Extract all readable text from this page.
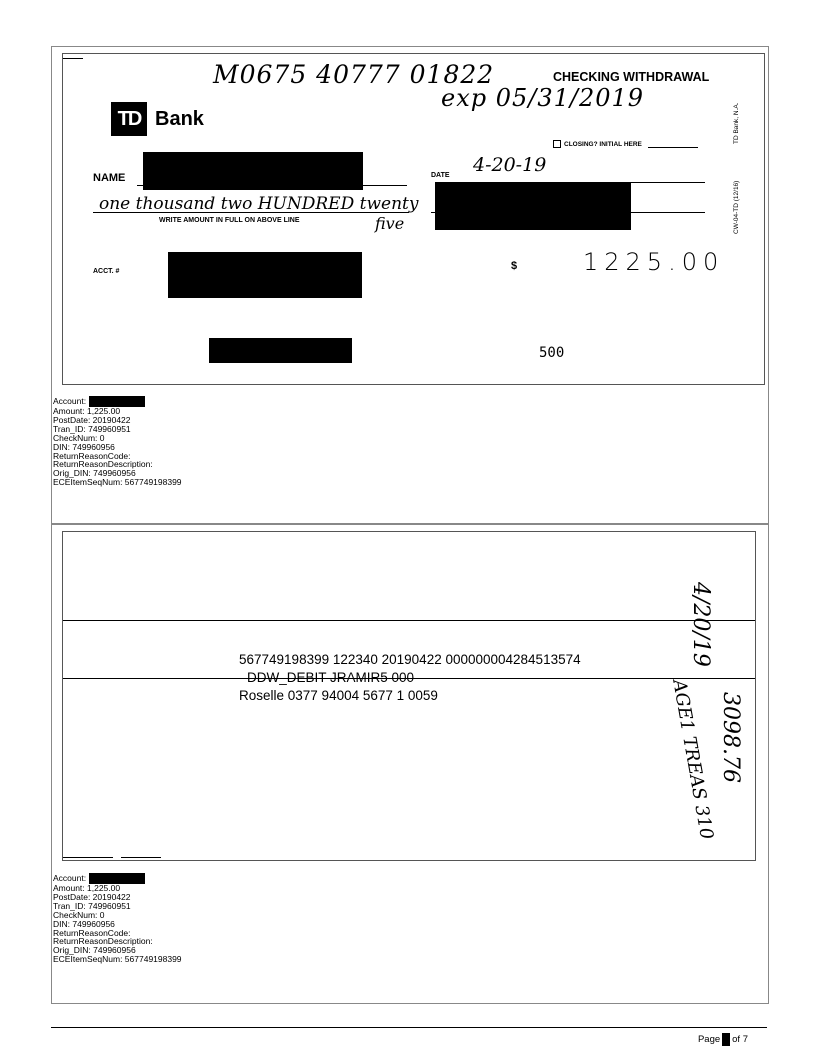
M0675 40777 01822
exp 05/31/2019
CHECKING WITHDRAWAL
TD Bank
CLOSING? INITIAL HERE	TD Bank, N.A.
CW-04-TD (12/16)
NAME	DATE 4-20-19
one thousand two HUNDRED twenty
five
WRITE AMOUNT IN FULL ON ABOVE LINE
ACCT. #	$	1225.00
500
Account:
Amount: 1,225.00
PostDate: 20190422
Tran_ID: 749960951
CheckNum: 0
DIN: 749960956
ReturnReasonCode:
ReturnReasonDescription:
Orig_DIN: 749960956
ECEItemSeqNum: 567749198399
567749198399 122340 20190422 000000004284513574
DDW_DEBIT JRAMIR5 000
Roselle 0377 94004 5677 1 0059
4/20/19
3098.76
AGE1 TREAS 310
Account:
Amount: 1,225.00
PostDate: 20190422
Tran_ID: 749960951
CheckNum: 0
DIN: 749960956
ReturnReasonCode:
ReturnReasonDescription:
Orig_DIN: 749960956
ECEItemSeqNum: 567749198399
Page of 7
